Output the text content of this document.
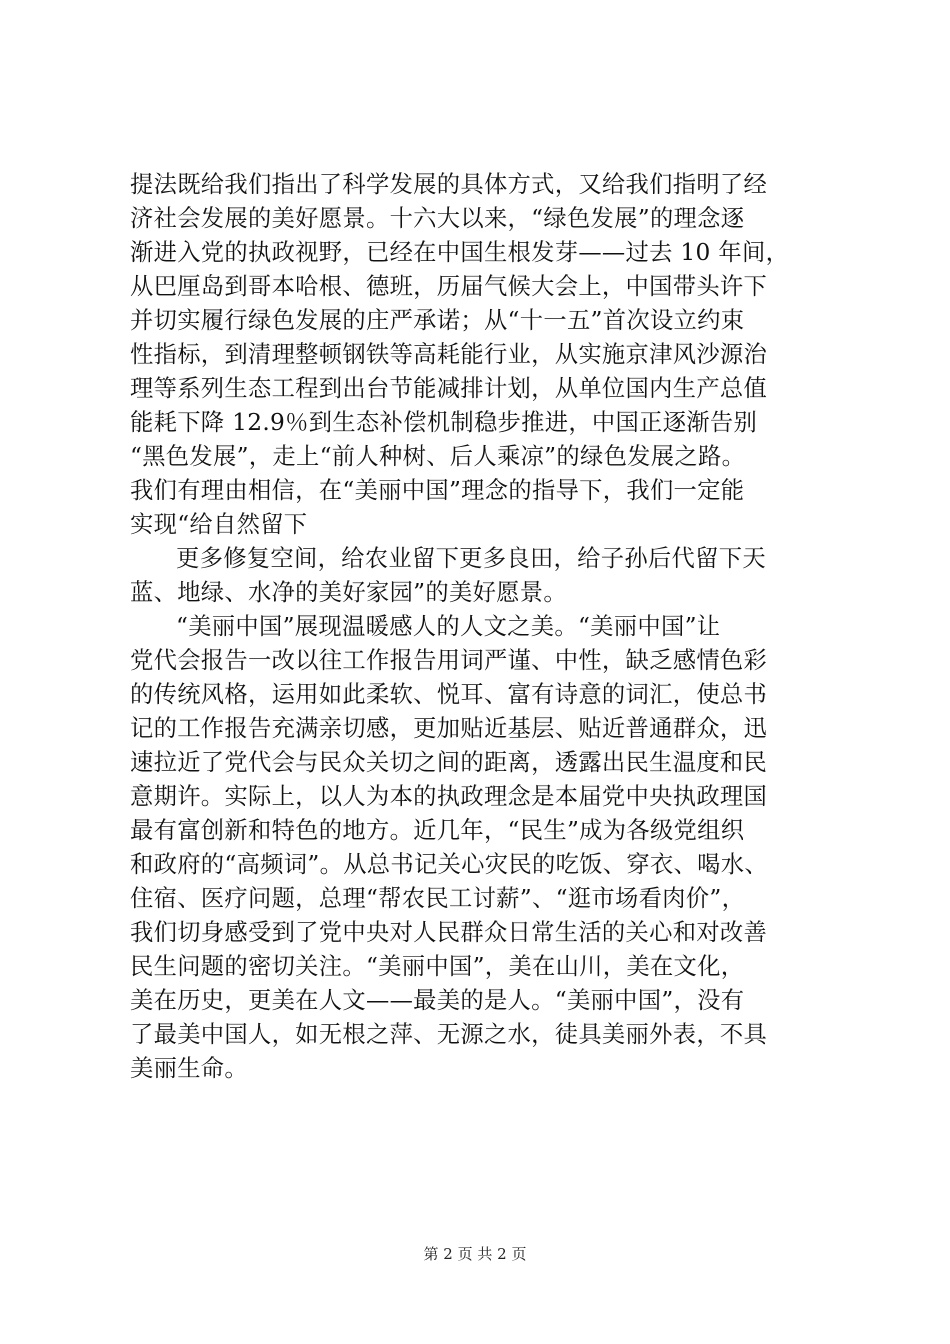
提法既给我们指出了科学发展的具体方式，又给我们指明了经
济社会发展的美好愿景。十六大以来，“绿色发展”的理念逐
渐进入党的执政视野，已经在中国生根发芽——过去 10 年间，
从巴厘岛到哥本哈根、德班，历届气候大会上，中国带头许下
并切实履行绿色发展的庄严承诺；从“十一五”首次设立约束
性指标，到清理整顿钢铁等高耗能行业，从实施京津风沙源治
理等系列生态工程到出台节能减排计划，从单位国内生产总值
能耗下降 12.9％到生态补偿机制稳步推进，中国正逐渐告别
“黑色发展”，走上“前人种树、后人乘凉”的绿色发展之路。
我们有理由相信，在“美丽中国”理念的指导下，我们一定能
实现“给自然留下
更多修复空间，给农业留下更多良田，给子孙后代留下天
蓝、地绿、水净的美好家园”的美好愿景。
“美丽中国”展现温暖感人的人文之美。“美丽中国”让
党代会报告一改以往工作报告用词严谨、中性，缺乏感情色彩
的传统风格，运用如此柔软、悦耳、富有诗意的词汇，使总书
记的工作报告充满亲切感，更加贴近基层、贴近普通群众，迅
速拉近了党代会与民众关切之间的距离，透露出民生温度和民
意期许。实际上，以人为本的执政理念是本届党中央执政理国
最有富创新和特色的地方。近几年，“民生”成为各级党组织
和政府的“高频词”。从总书记关心灾民的吃饭、穿衣、喝水、
住宿、医疗问题，总理“帮农民工讨薪”、“逛市场看肉价”，
我们切身感受到了党中央对人民群众日常生活的关心和对改善
民生问题的密切关注。“美丽中国”，美在山川，美在文化，
美在历史，更美在人文——最美的是人。“美丽中国”，没有
了最美中国人，如无根之萍、无源之水，徒具美丽外表，不具
美丽生命。
第 2 页 共 2 页
